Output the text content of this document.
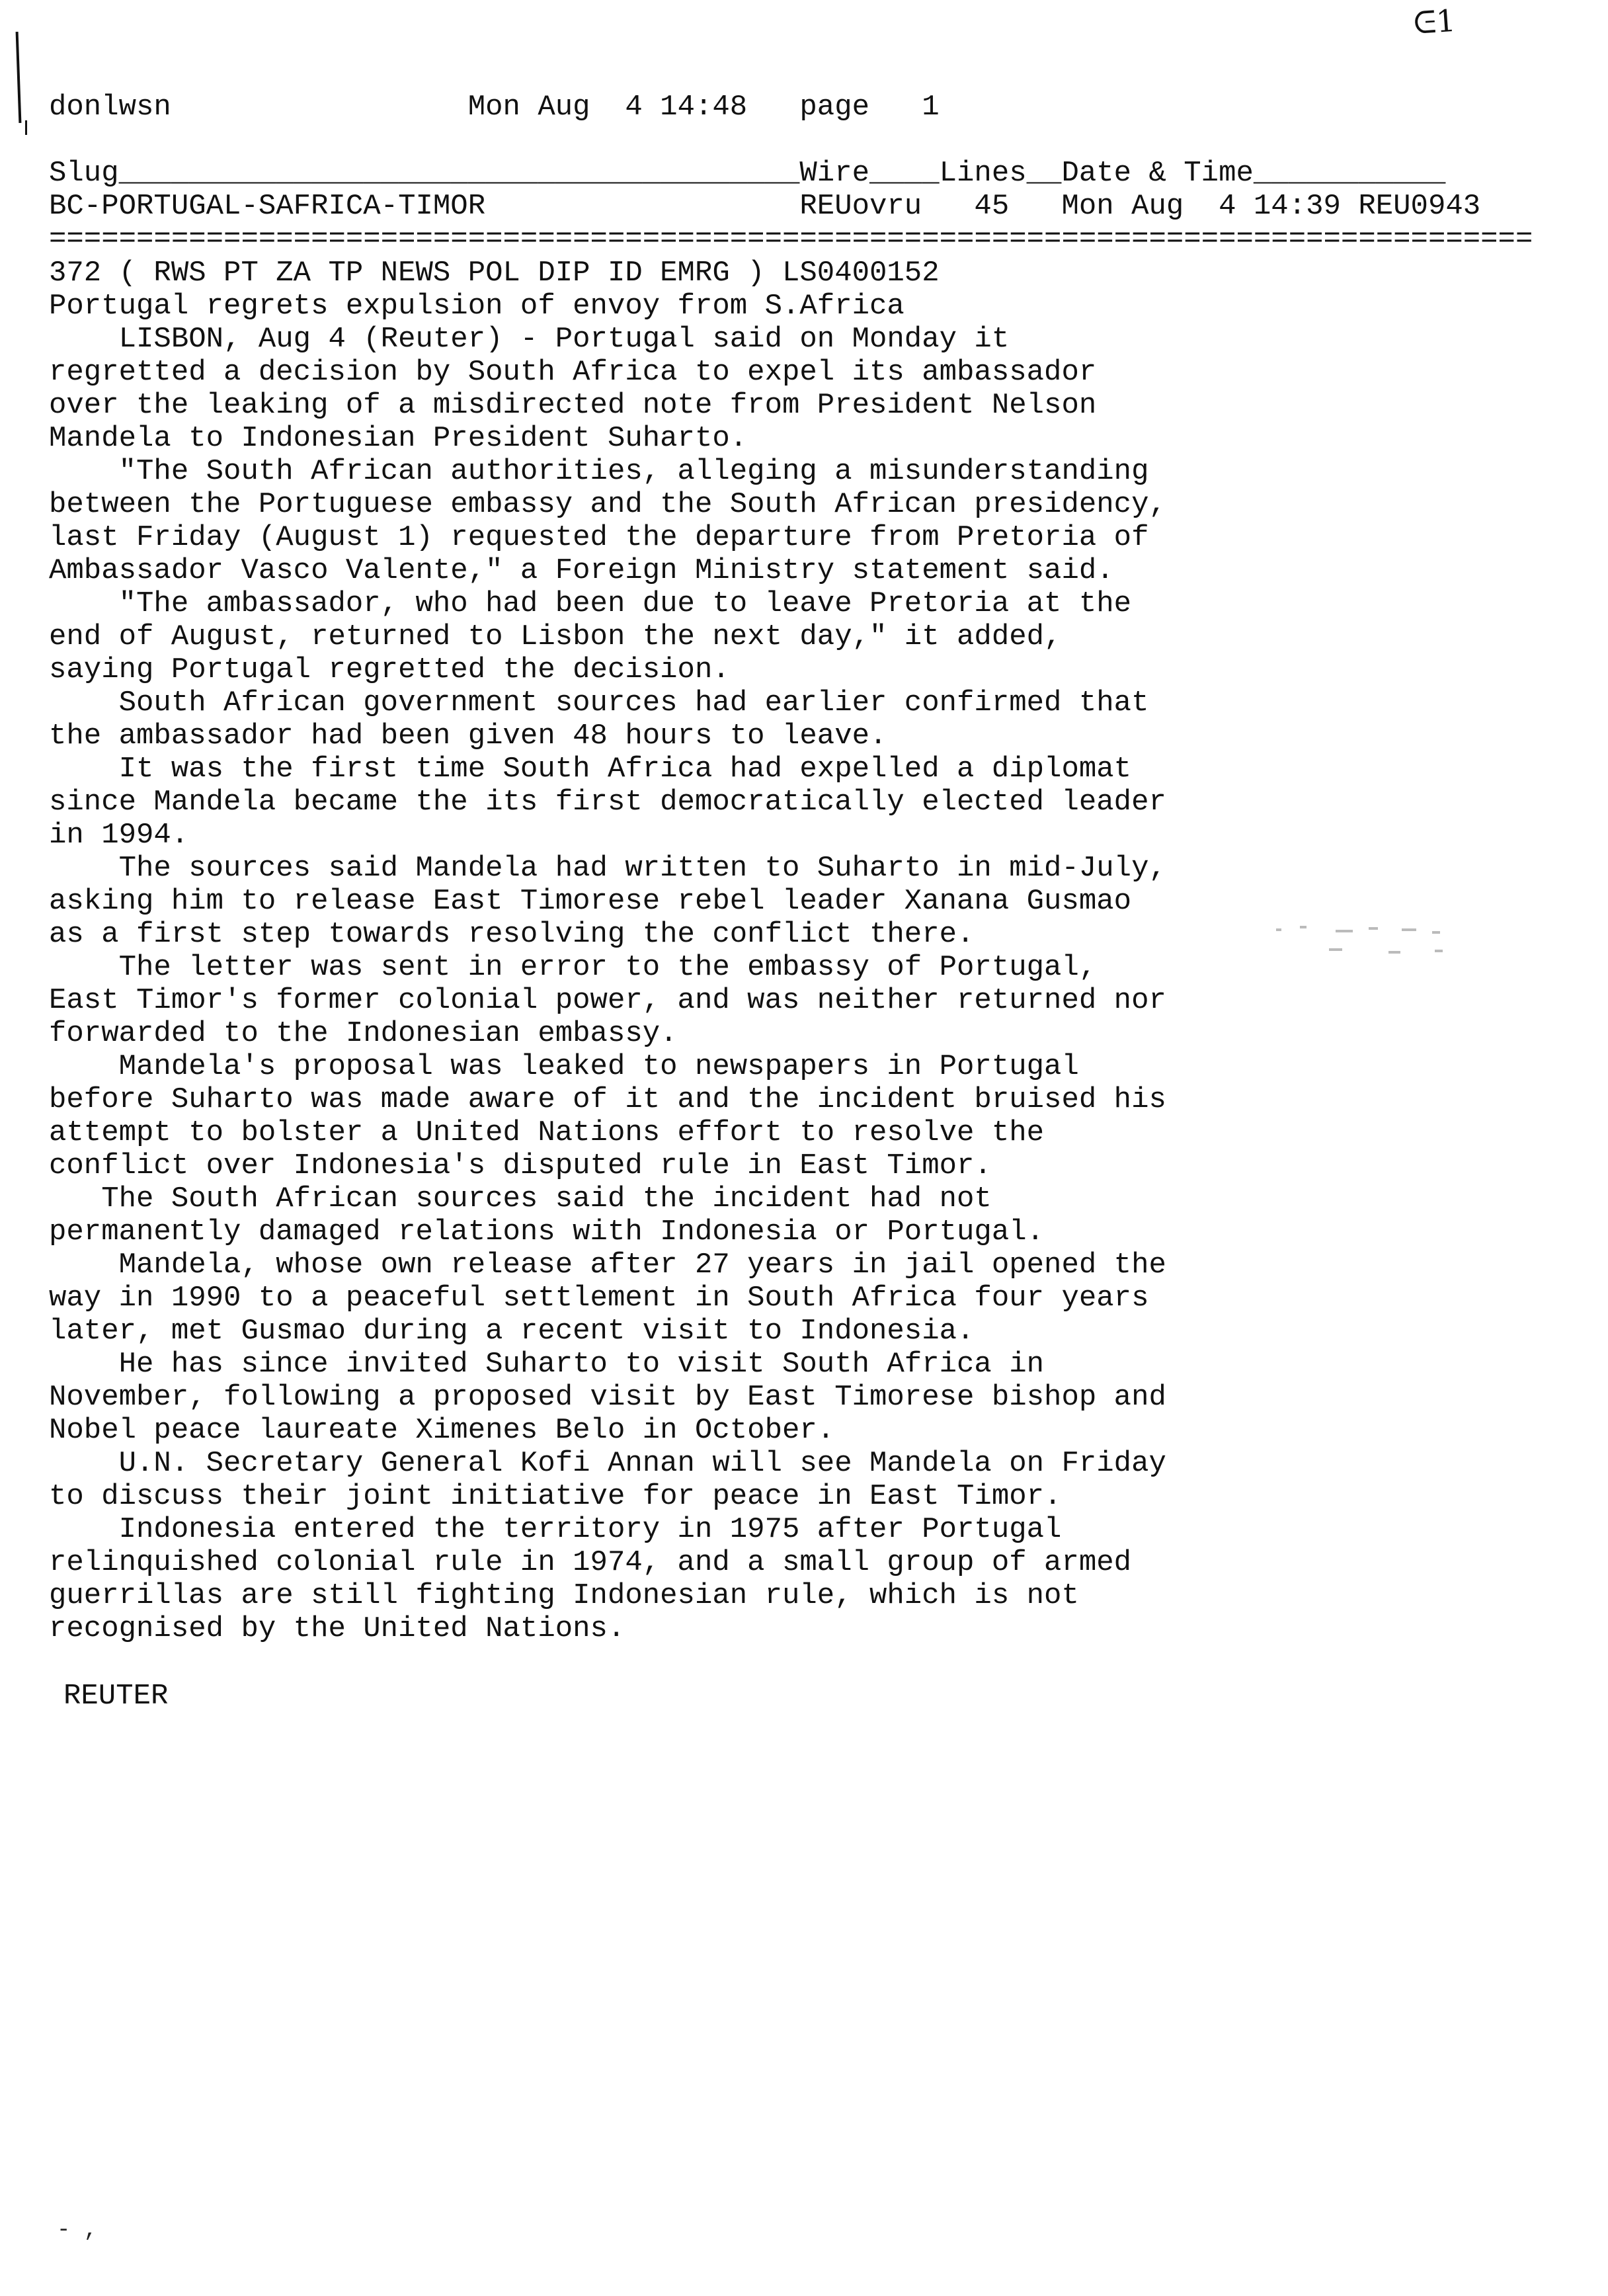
ᕮ1
donlwsn	Mon Aug  4 14:48 page 1
Slug_______________________________________Wire____Lines__Date & Time___________
BC-PORTUGAL-SAFRICA-TIMOR                  REUovru   45   Mon Aug  4 14:39 REU0943
=====================================================================================
372 ( RWS PT ZA TP NEWS POL DIP ID EMRG ) LS0400152
Portugal regrets expulsion of envoy from S.Africa
LISBON, Aug 4 (Reuter) - Portugal said on Monday it
regretted a decision by South Africa to expel its ambassador
over the leaking of a misdirected note from President Nelson
Mandela to Indonesian President Suharto.
"The South African authorities, alleging a misunderstanding
between the Portuguese embassy and the South African presidency,
last Friday (August 1) requested the departure from Pretoria of
Ambassador Vasco Valente," a Foreign Ministry statement said.
"The ambassador, who had been due to leave Pretoria at the
end of August, returned to Lisbon the next day," it added,
saying Portugal regretted the decision.
South African government sources had earlier confirmed that
the ambassador had been given 48 hours to leave.
It was the first time South Africa had expelled a diplomat
since Mandela became the its first democratically elected leader
in 1994.
The sources said Mandela had written to Suharto in mid-July,
asking him to release East Timorese rebel leader Xanana Gusmao
as a first step towards resolving the conflict there.
The letter was sent in error to the embassy of Portugal,
East Timor's former colonial power, and was neither returned nor
forwarded to the Indonesian embassy.
Mandela's proposal was leaked to newspapers in Portugal
before Suharto was made aware of it and the incident bruised his
attempt to bolster a United Nations effort to resolve the
conflict over Indonesia's disputed rule in East Timor.
The South African sources said the incident had not
permanently damaged relations with Indonesia or Portugal.
Mandela, whose own release after 27 years in jail opened the
way in 1990 to a peaceful settlement in South Africa four years
later, met Gusmao during a recent visit to Indonesia.
He has since invited Suharto to visit South Africa in
November, following a proposed visit by East Timorese bishop and
Nobel peace laureate Ximenes Belo in October.
U.N. Secretary General Kofi Annan will see Mandela on Friday
to discuss their joint initiative for peace in East Timor.
Indonesia entered the territory in 1975 after Portugal
relinquished colonial rule in 1974, and a small group of armed
guerrillas are still fighting Indonesian rule, which is not
recognised by the United Nations.
REUTER
- ,
